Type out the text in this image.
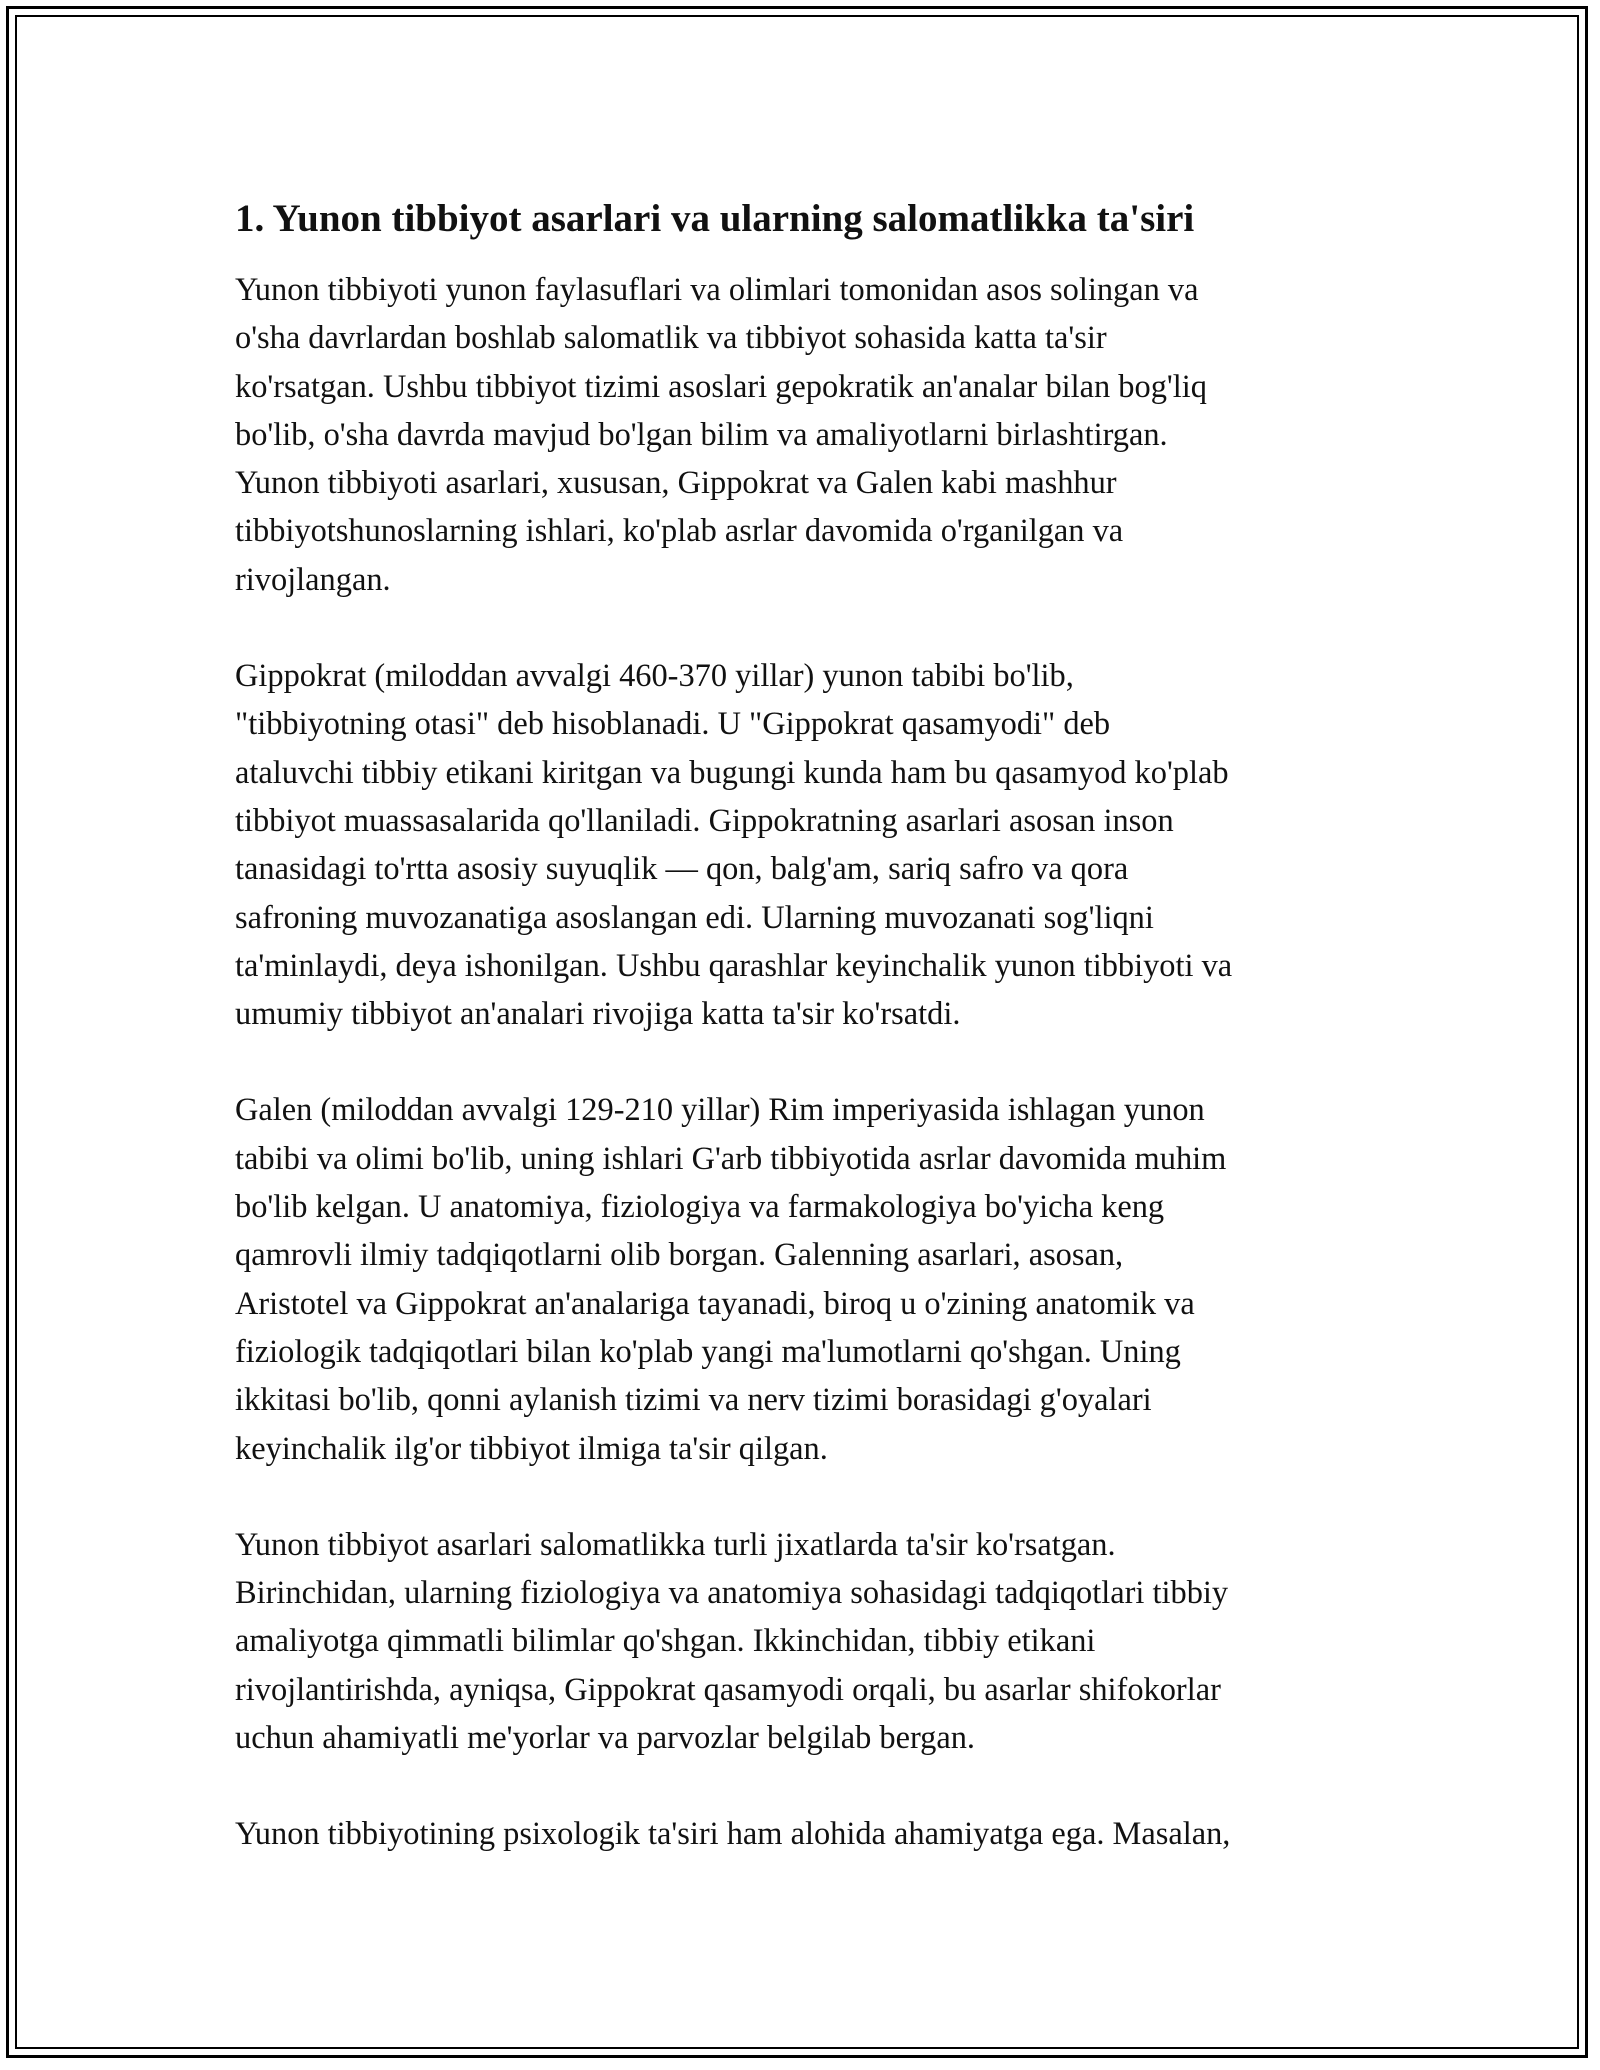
1. Yunon tibbiyot asarlari va ularning salomatlikka ta'siri

Yunon tibbiyoti yunon faylasuflari va olimlari tomonidan asos solingan va
o'sha davrlardan boshlab salomatlik va tibbiyot sohasida katta ta'sir
ko'rsatgan. Ushbu tibbiyot tizimi asoslari gepokratik an'analar bilan bog'liq
bo'lib, o'sha davrda mavjud bo'lgan bilim va amaliyotlarni birlashtirgan.
Yunon tibbiyoti asarlari, xususan, Gippokrat va Galen kabi mashhur
tibbiyotshunoslarning ishlari, ko'plab asrlar davomida o'rganilgan va
rivojlangan.

Gippokrat (miloddan avvalgi 460-370 yillar) yunon tabibi bo'lib,
"tibbiyotning otasi" deb hisoblanadi. U "Gippokrat qasamyodi" deb
ataluvchi tibbiy etikani kiritgan va bugungi kunda ham bu qasamyod ko'plab
tibbiyot muassasalarida qo'llaniladi. Gippokratning asarlari asosan inson
tanasidagi to'rtta asosiy suyuqlik — qon, balg'am, sariq safro va qora
safroning muvozanatiga asoslangan edi. Ularning muvozanati sog'liqni
ta'minlaydi, deya ishonilgan. Ushbu qarashlar keyinchalik yunon tibbiyoti va
umumiy tibbiyot an'analari rivojiga katta ta'sir ko'rsatdi.

Galen (miloddan avvalgi 129-210 yillar) Rim imperiyasida ishlagan yunon
tabibi va olimi bo'lib, uning ishlari G'arb tibbiyotida asrlar davomida muhim
bo'lib kelgan. U anatomiya, fiziologiya va farmakologiya bo'yicha keng
qamrovli ilmiy tadqiqotlarni olib borgan. Galenning asarlari, asosan,
Aristotel va Gippokrat an'analariga tayanadi, biroq u o'zining anatomik va
fiziologik tadqiqotlari bilan ko'plab yangi ma'lumotlarni qo'shgan. Uning
ikkitasi bo'lib, qonni aylanish tizimi va nerv tizimi borasidagi g'oyalari
keyinchalik ilg'or tibbiyot ilmiga ta'sir qilgan.

Yunon tibbiyot asarlari salomatlikka turli jixatlarda ta'sir ko'rsatgan.
Birinchidan, ularning fiziologiya va anatomiya sohasidagi tadqiqotlari tibbiy
amaliyotga qimmatli bilimlar qo'shgan. Ikkinchidan, tibbiy etikani
rivojlantirishda, ayniqsa, Gippokrat qasamyodi orqali, bu asarlar shifokorlar
uchun ahamiyatli me'yorlar va parvozlar belgilab bergan.

Yunon tibbiyotining psixologik ta'siri ham alohida ahamiyatga ega. Masalan,
